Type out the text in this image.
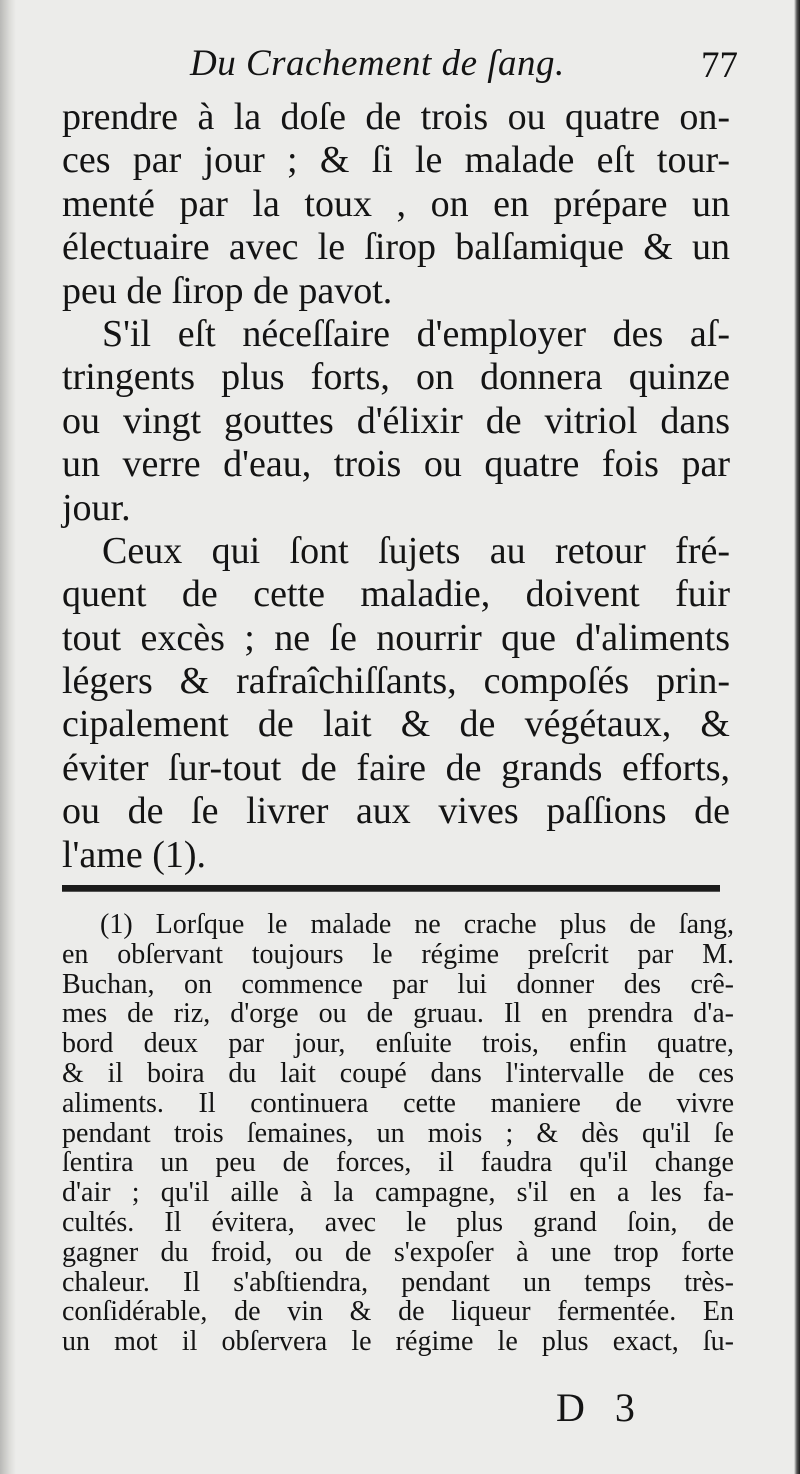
Du Crachement de ſang.	77
prendre à la doſe de trois ou quatre on-
ces par jour ; & ſi le malade eſt tour-
menté par la toux , on en prépare un
électuaire avec le ſirop balſamique & un
peu de ſirop de pavot.
S'il eſt néceſſaire d'employer des aſ-
tringents plus forts, on donnera quinze
ou vingt gouttes d'élixir de vitriol dans
un verre d'eau, trois ou quatre fois par
jour.
Ceux qui ſont ſujets au retour fré-
quent de cette maladie, doivent fuir
tout excès ; ne ſe nourrir que d'aliments
légers & rafraîchiſſants, compoſés prin-
cipalement de lait & de végétaux, &
éviter ſur-tout de faire de grands efforts,
ou de ſe livrer aux vives paſſions de
l'ame (1).
(1) Lorſque le malade ne crache plus de ſang,
en obſervant toujours le régime preſcrit par M.
Buchan, on commence par lui donner des crê-
mes de riz, d'orge ou de gruau. Il en prendra d'a-
bord deux par jour, enſuite trois, enfin quatre,
& il boira du lait coupé dans l'intervalle de ces
aliments. Il continuera cette maniere de vivre
pendant trois ſemaines, un mois ; & dès qu'il ſe
ſentira un peu de forces, il faudra qu'il change
d'air ; qu'il aille à la campagne, s'il en a les fa-
cultés. Il évitera, avec le plus grand ſoin, de
gagner du froid, ou de s'expoſer à une trop forte
chaleur. Il s'abſtiendra, pendant un temps très-
conſidérable, de vin & de liqueur fermentée. En
un mot il obſervera le régime le plus exact, ſu-
D 3
